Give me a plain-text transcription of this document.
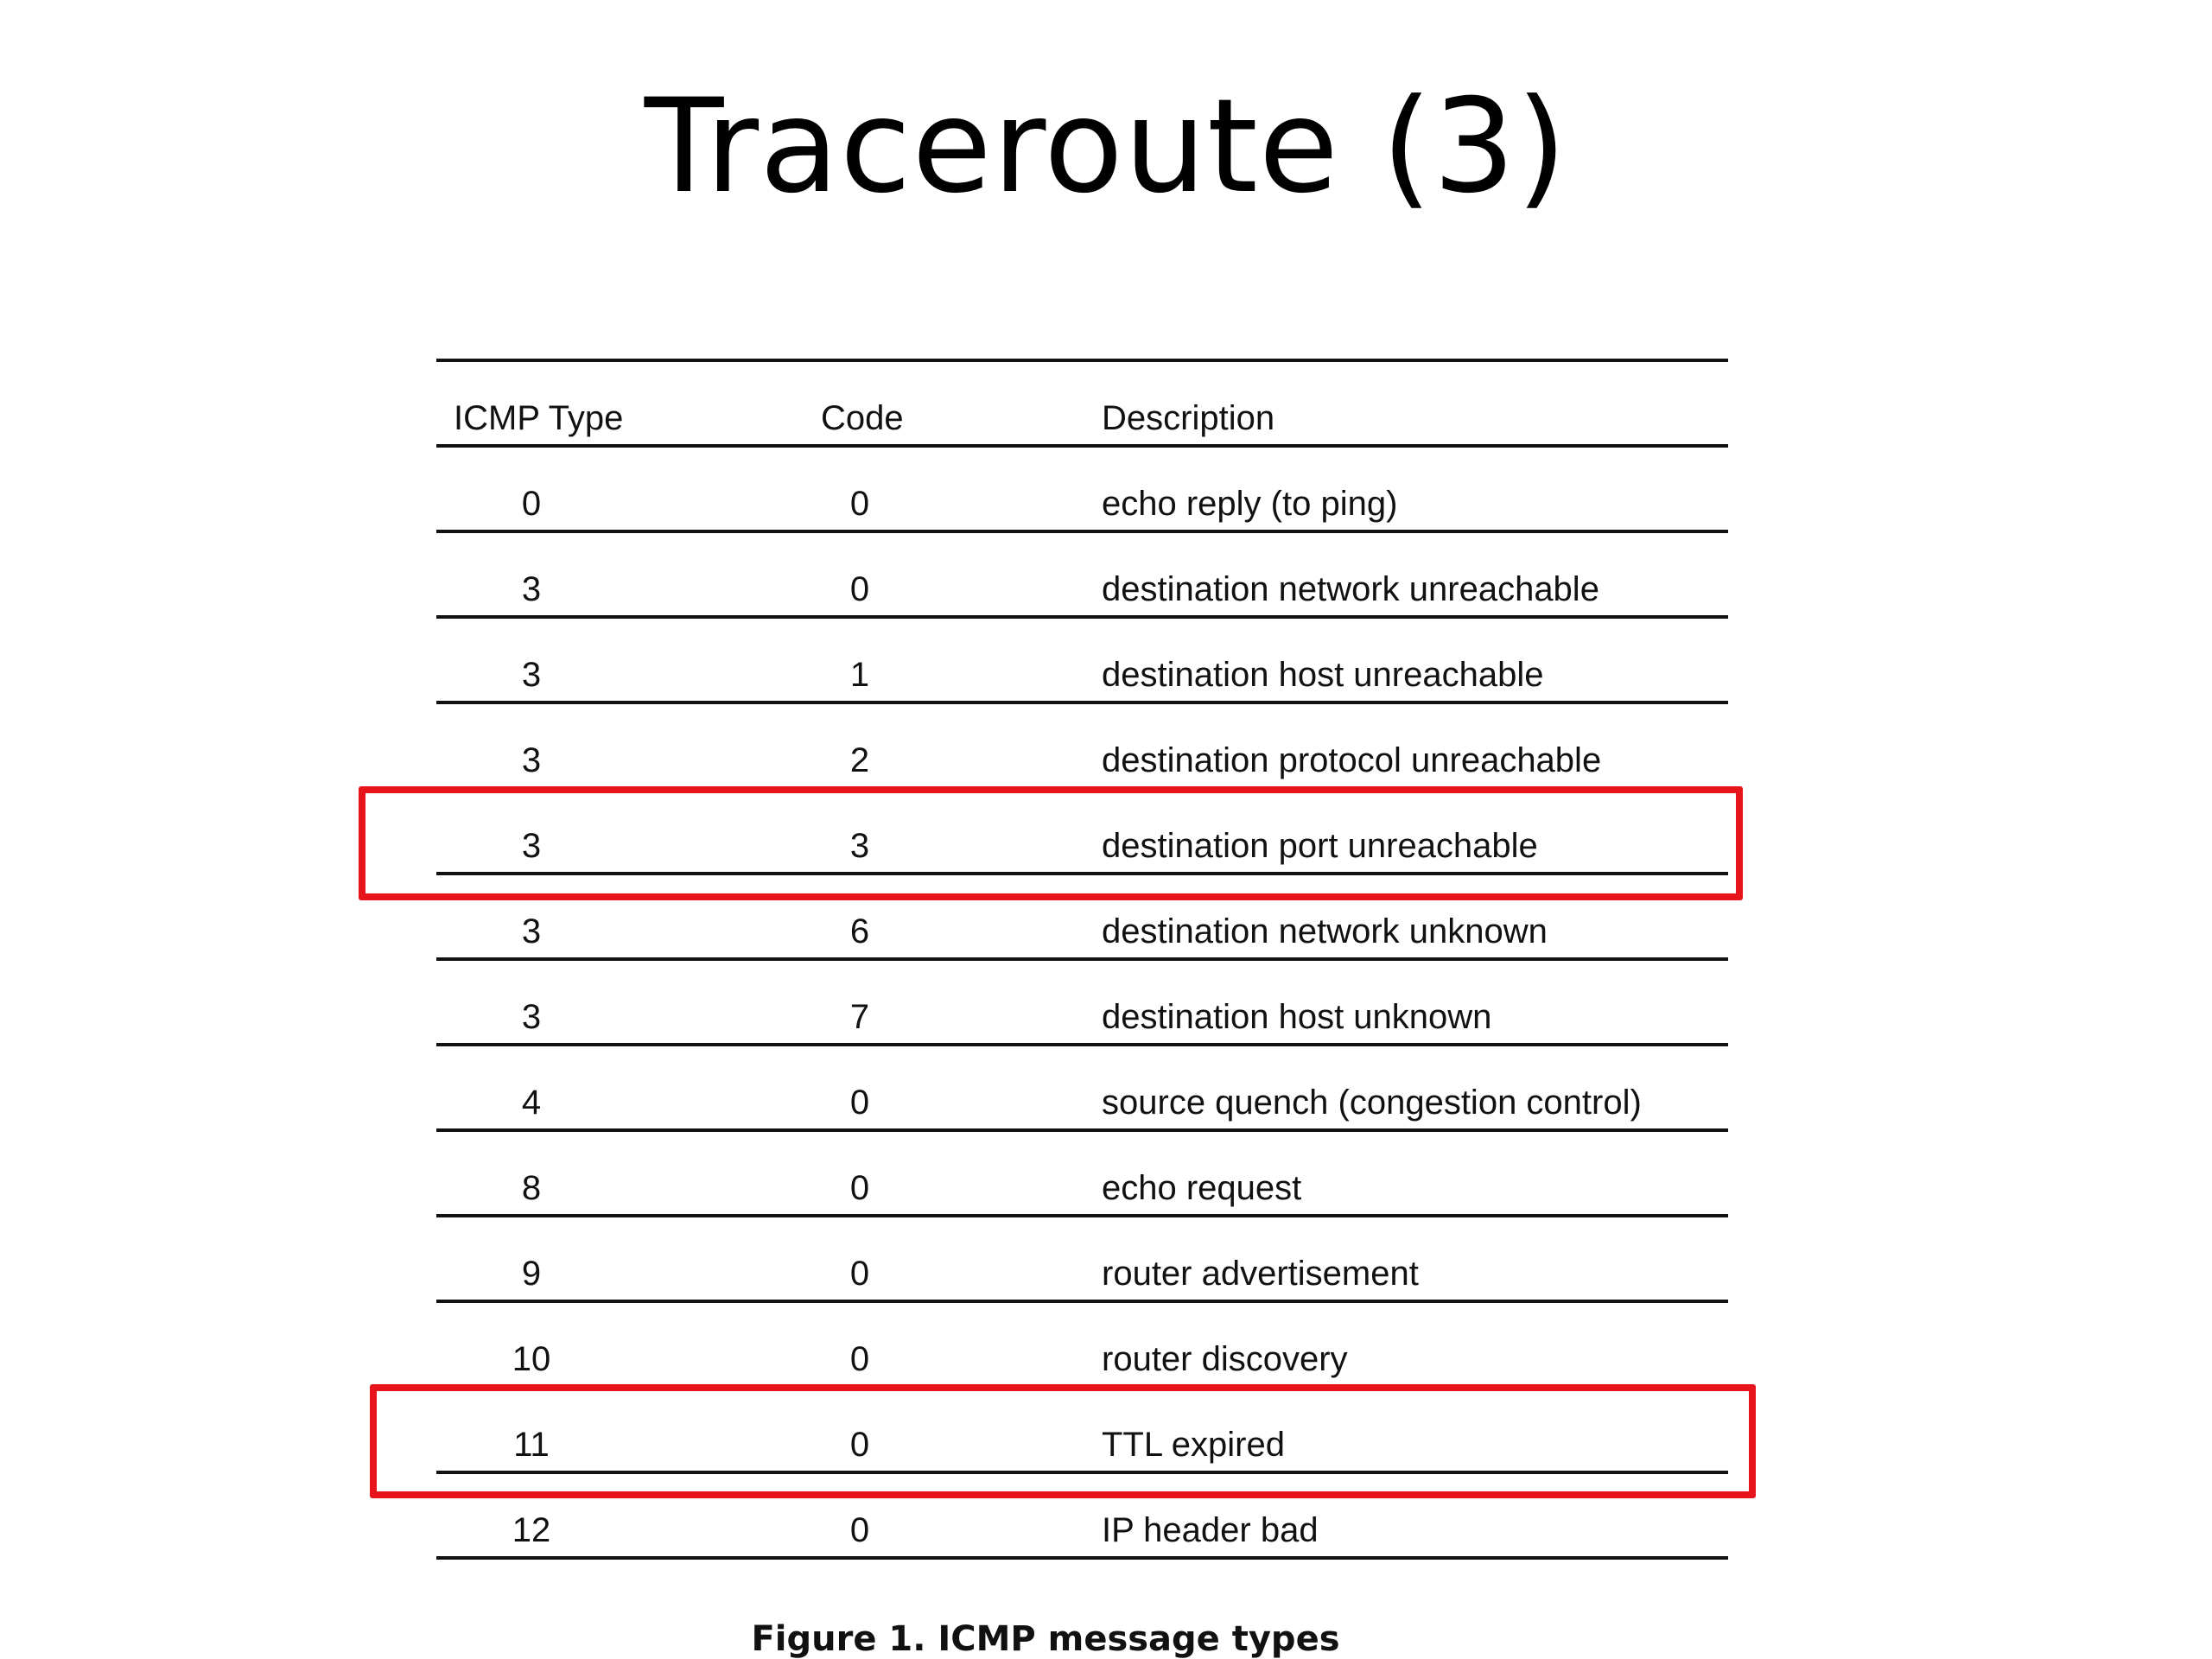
Traceroute (3)
ICMP Type	Code	Description
0	0	echo reply (to ping)
3	0	destination network unreachable
3	1	destination host unreachable
3	2	destination protocol unreachable
3	3	destination port unreachable
3	6	destination network unknown
3	7	destination host unknown
4	0	source quench (congestion control)
8	0	echo request
9	0	router advertisement
10	0	router discovery
11	0	TTL expired
12	0	IP header bad
Figure 1. ICMP message types
